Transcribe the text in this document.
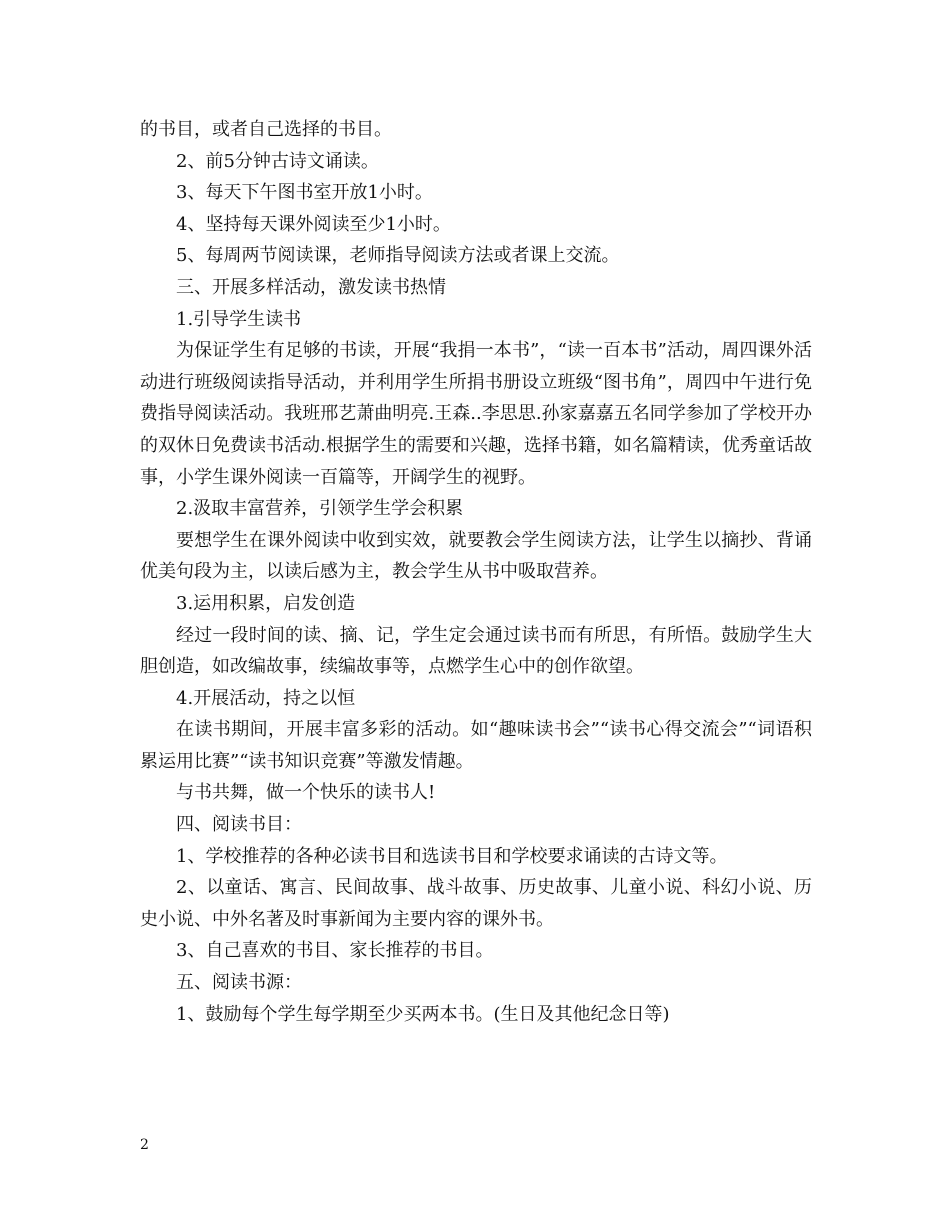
的书目，或者自己选择的书目。

2、前5分钟古诗文诵读。

3、每天下午图书室开放1小时。

4、坚持每天课外阅读至少1小时。

5、每周两节阅读课，老师指导阅读方法或者课上交流。

三、开展多样活动，激发读书热情

1.引导学生读书

为保证学生有足够的书读，开展“我捐一本书”，“读一百本书”活动，周四课外活动进行班级阅读指导活动，并利用学生所捐书册设立班级“图书角”，周四中午进行免费指导阅读活动。我班邢艺萧曲明亮.王森..李思思.孙家嘉嘉五名同学参加了学校开办的双休日免费读书活动.根据学生的需要和兴趣，选择书籍，如名篇精读，优秀童话故事，小学生课外阅读一百篇等，开阔学生的视野。

2.汲取丰富营养，引领学生学会积累

要想学生在课外阅读中收到实效，就要教会学生阅读方法，让学生以摘抄、背诵优美句段为主，以读后感为主，教会学生从书中吸取营养。

3.运用积累，启发创造

经过一段时间的读、摘、记，学生定会通过读书而有所思，有所悟。鼓励学生大胆创造，如改编故事，续编故事等，点燃学生心中的创作欲望。

4.开展活动，持之以恒

在读书期间，开展丰富多彩的活动。如“趣味读书会”“读书心得交流会”“词语积累运用比赛”“读书知识竞赛”等激发情趣。

与书共舞，做一个快乐的读书人!

四、阅读书目：

1、学校推荐的各种必读书目和选读书目和学校要求诵读的古诗文等。

2、以童话、寓言、民间故事、战斗故事、历史故事、儿童小说、科幻小说、历史小说、中外名著及时事新闻为主要内容的课外书。

3、自己喜欢的书目、家长推荐的书目。

五、阅读书源：

1、鼓励每个学生每学期至少买两本书。(生日及其他纪念日等)

2
